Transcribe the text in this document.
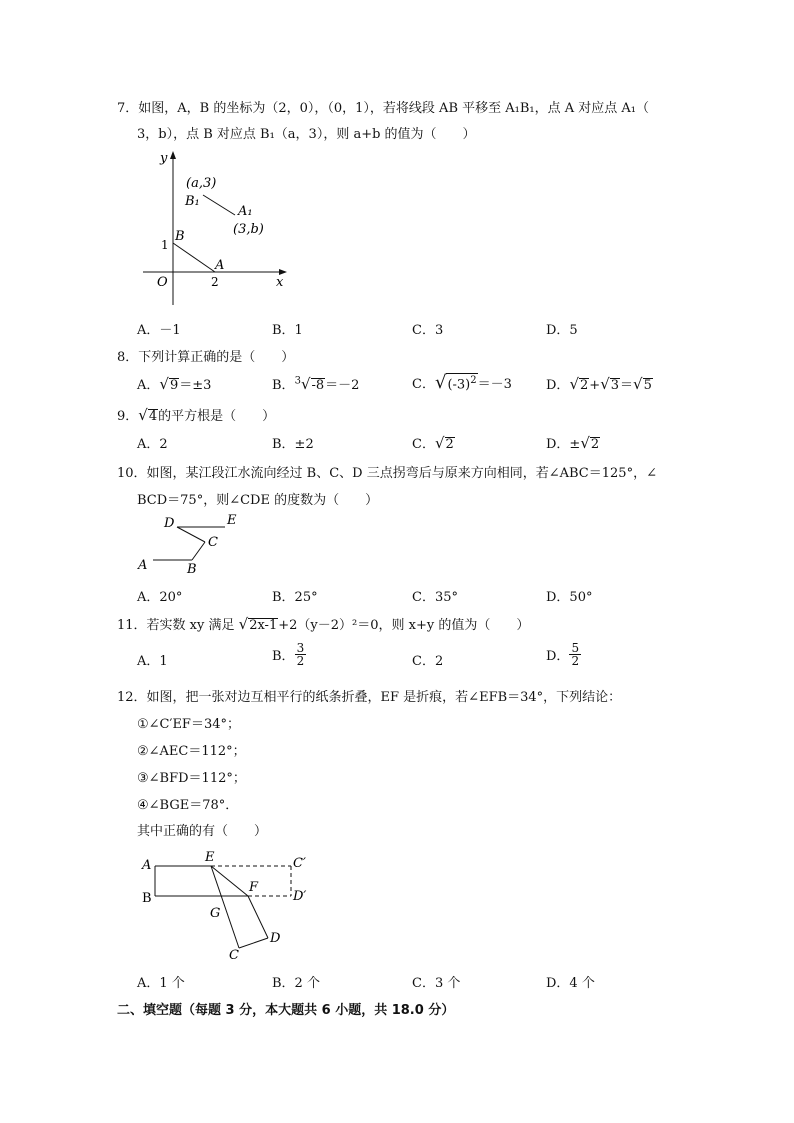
7．如图，A，B 的坐标为（2，0），（0，1），若将线段 AB 平移至 A₁B₁，点 A 对应点 A₁（
3，b），点 B 对应点 B₁（a，3），则 a+b 的值为（　　）
y
x
O
1
2
B
A
(a,3)
B₁
A₁
(3,b)
A．－1	B．1	C．3	D．5
8．下列计算正确的是（　　）
A．√9＝±3	B．$^3$√-8＝－2	C．$√(-3)^2=-3$	D．√2+√3＝√5
9．√4的平方根是（　　）
A．2	B．±2	C．√2	D．±√2
10．如图，某江段江水流向经过 B、C、D 三点拐弯后与原来方向相同，若∠ABC＝125°，∠
BCD＝75°，则∠CDE 的度数为（　　）
D	E
C
A	B
A．20°	B．25°	C．35°	D．50°
11．若实数 xy 满足 √2x-1+2（y－2）²＝0，则 x+y 的值为（　　）
A．1	B． $\frac{3}{2}$	C．2	D． $\frac{5}{2}$
12．如图，把一张对边互相平行的纸条折叠，EF 是折痕，若∠EFB＝34°，下列结论：
①∠C′EF＝34°；
②∠AEC＝112°；
③∠BFD＝112°；
④∠BGE＝78°．
其中正确的有（　　）
A
E	C′
B
G
F
D′
C
D
A．1 个	B．2 个	C．3 个	D．4 个
二、填空题（每题 3 分，本大题共 6 小题，共 18.0 分）
